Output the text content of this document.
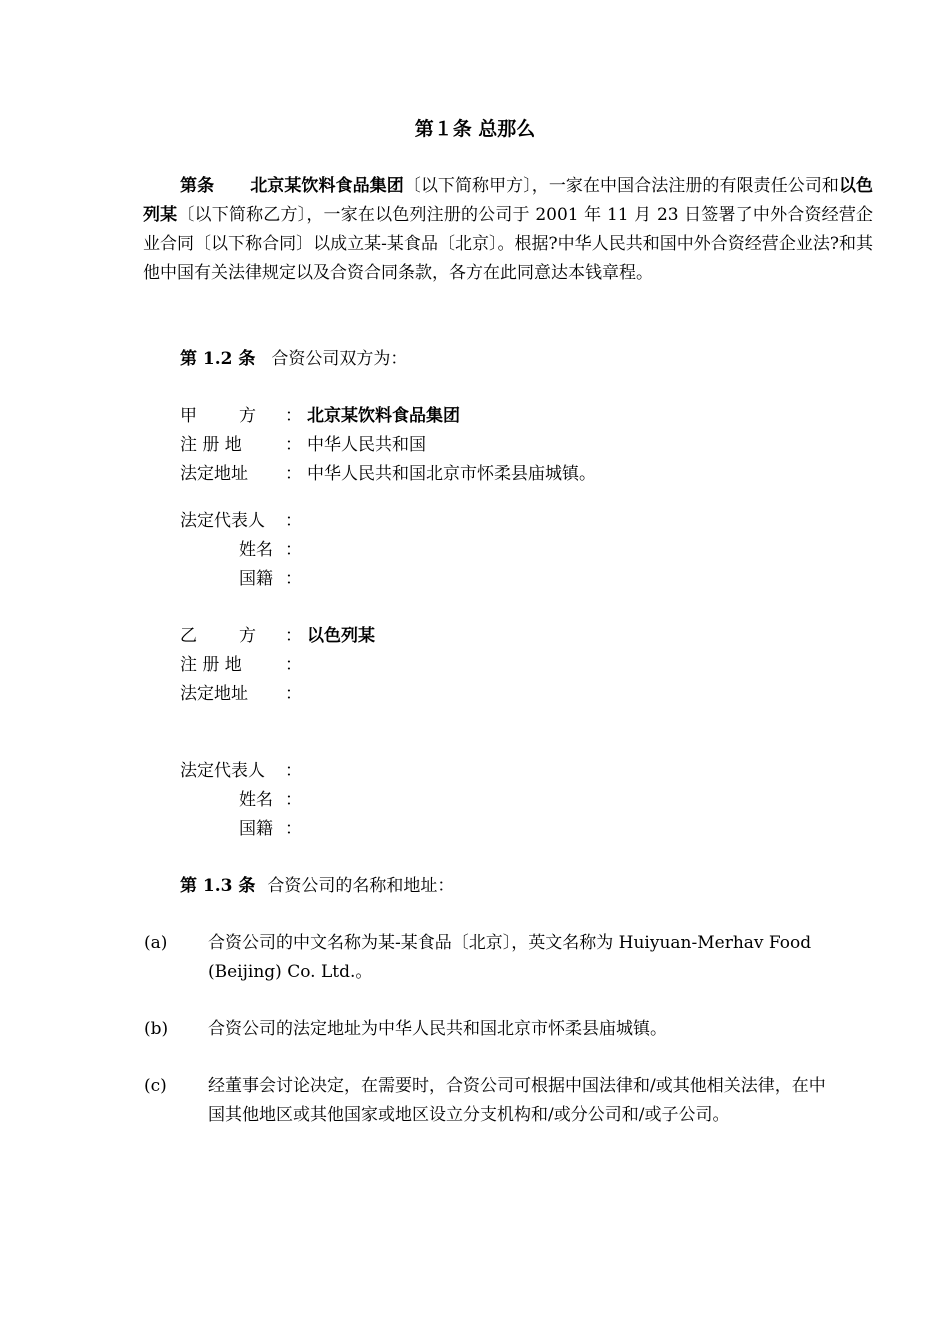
第１条 总那么
第条 北京某饮料食品集团〔以下简称甲方〕，一家在中国合法注册的有限责任公司和以色列某〔以下简称乙方〕，一家在以色列注册的公司于 2001 年 11 月 23 日签署了中外合资经营企业合同〔以下称合同〕以成立某-某食品〔北京〕。根据?中华人民共和国中外合资经营企业法?和其他中国有关法律规定以及合资合同条款，各方在此同意达本钱章程。
第 1.2 条 合资公司双方为：
甲 方 ： 北京某饮料食品集团
注 册 地	： 中华人民共和国
法定地址 ： 中华人民共和国北京市怀柔县庙城镇。
法定代表人 ：
姓名 ：
国籍 ：
乙 方 ： 以色列某
注 册 地	：
法定地址 ：
法定代表人 ：
姓名 ：
国籍 ：
第 1.3 条 合资公司的名称和地址：
(a) 合资公司的中文名称为某-某食品〔北京〕，英文名称为 Huiyuan-Merhav Food (Beijing) Co. Ltd.。
(b) 合资公司的法定地址为中华人民共和国北京市怀柔县庙城镇。
(c) 经董事会讨论决定，在需要时，合资公司可根据中国法律和/或其他相关法律，在中国其他地区或其他国家或地区设立分支机构和/或分公司和/或子公司。
